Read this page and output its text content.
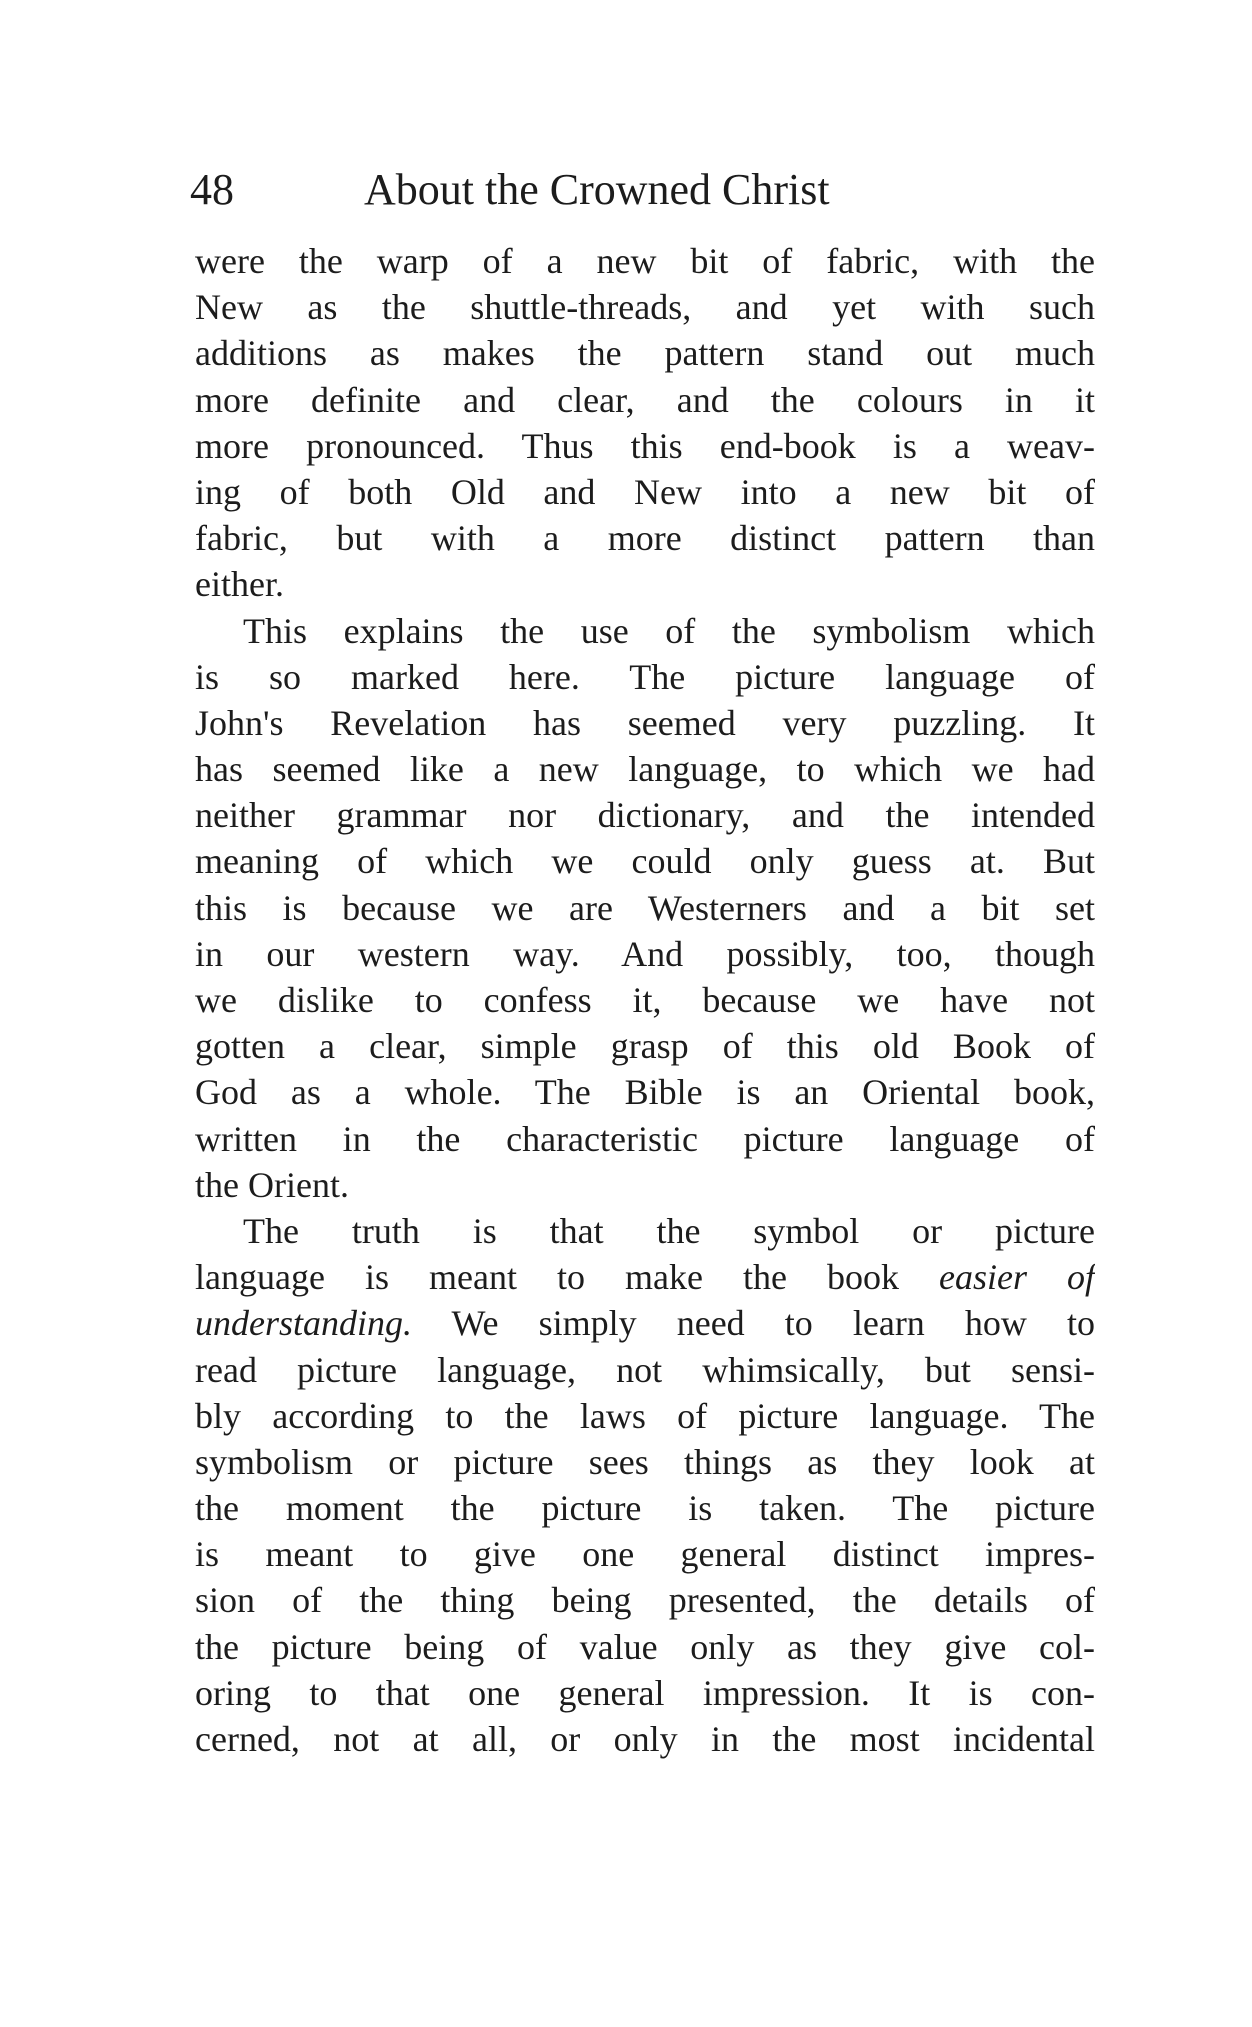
48	About the Crowned Christ
were the warp of a new bit of fabric, with the
New as the shuttle-threads, and yet with such
additions as makes the pattern stand out much
more definite and clear, and the colours in it
more pronounced. Thus this end-book is a weav-
ing of both Old and New into a new bit of
fabric, but with a more distinct pattern than
either.
This explains the use of the symbolism which
is so marked here. The picture language of
John's Revelation has seemed very puzzling. It
has seemed like a new language, to which we had
neither grammar nor dictionary, and the intended
meaning of which we could only guess at. But
this is because we are Westerners and a bit set
in our western way. And possibly, too, though
we dislike to confess it, because we have not
gotten a clear, simple grasp of this old Book of
God as a whole. The Bible is an Oriental book,
written in the characteristic picture language of
the Orient.
The truth is that the symbol or picture
language is meant to make the book easier of
understanding. We simply need to learn how to
read picture language, not whimsically, but sensi-
bly according to the laws of picture language. The
symbolism or picture sees things as they look at
the moment the picture is taken. The picture
is meant to give one general distinct impres-
sion of the thing being presented, the details of
the picture being of value only as they give col-
oring to that one general impression. It is con-
cerned, not at all, or only in the most incidental
